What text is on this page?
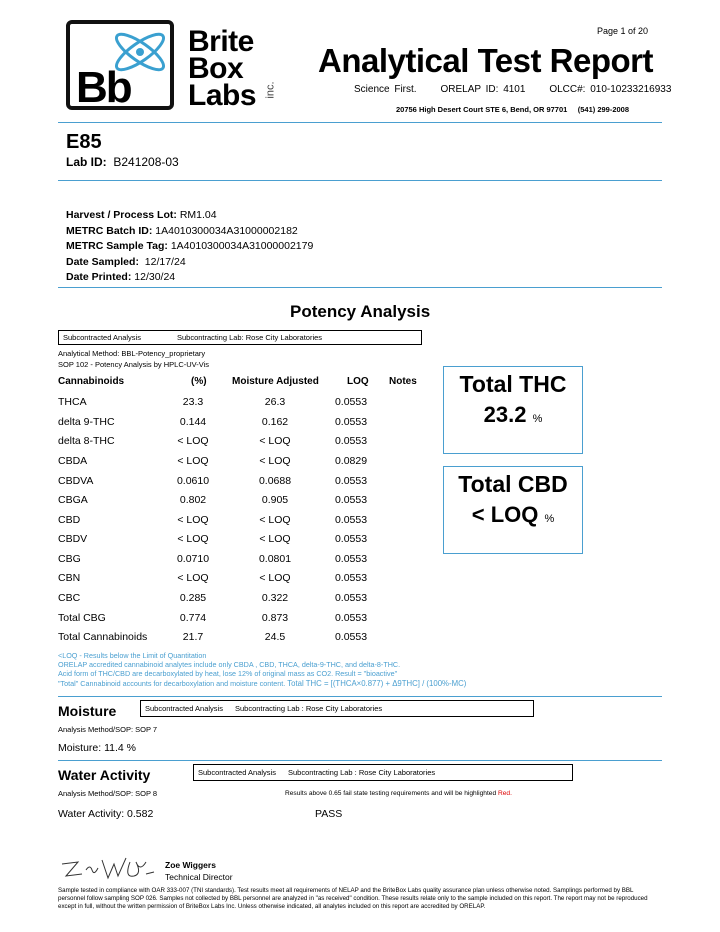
Page 1 of 20
Bb
Brite
Box
Labs inc.
Analytical Test Report
Science First.     ORELAP ID: 4101     OLCC#: 010-10233216933
20756 High Desert Court STE 6, Bend, OR 97701     (541) 299-2008
E85
Lab ID: B241208-03
Harvest / Process Lot: RM1.04
METRC Batch ID: 1A4010300034A31000002182
METRC Sample Tag: 1A4010300034A31000002179
Date Sampled: 12/17/24
Date Printed: 12/30/24
Potency Analysis
Subcontracted Analysis	Subcontracting Lab: Rose City Laboratories
Analytical Method: BBL-Potency_proprietary
SOP 102 - Potency Analysis by HPLC-UV-Vis
Cannabinoids	(%)	Moisture Adjusted	LOQ Notes
THCA	23.3	26.3	0.0553
delta 9-THC	0.144	0.162	0.0553
delta 8-THC	< LOQ	< LOQ	0.0553
CBDA	< LOQ	< LOQ	0.0829
CBDVA	0.0610	0.0688	0.0553
CBGA	0.802	0.905	0.0553
CBD	< LOQ	< LOQ	0.0553
CBDV	< LOQ	< LOQ	0.0553
CBG	0.0710	0.0801	0.0553
CBN	< LOQ	< LOQ	0.0553
CBC	0.285	0.322	0.0553
Total CBG	0.774	0.873	0.0553
Total Cannabinoids	21.7	24.5	0.0553
Total THC
23.2 %
Total CBD
< LOQ %
<LOQ - Results below the Limit of Quantitation
ORELAP accredited cannabinoid analytes include only CBDA , CBD, THCA, delta-9-THC, and delta-8-THC.
Acid form of THC/CBD are decarboxylated by heat, lose 12% of original mass as CO2. Result = "bioactive"
"Total" Cannabinoid accounts for decarboxylation and moisture content. Total THC = [(THCA×0.877) + Δ9THC] / (100%-MC)
Moisture	Subcontracted Analysis Subcontracting Lab : Rose City Laboratories
Analysis Method/SOP: SOP 7
Moisture: 11.4 %
Water Activity	Subcontracted Analysis Subcontracting Lab : Rose City Laboratories
Analysis Method/SOP: SOP 8	Results above 0.65 fail state testing requirements and will be highlighted Red.
Water Activity: 0.582	PASS
Zoe Wiggers
Technical Director
Sample tested in compliance with OAR 333-007 (TNI standards). Test results meet all requirements of NELAP and the BriteBox Labs quality assurance plan unless otherwise noted. Samplings performed by BBL personnel follow sampling SOP 026. Samples not collected by BBL personnel are analyzed in "as received" condition. These results relate only to the sample included on this report. The report may not be reproduced except in full, without the written permission of BriteBox Labs Inc. Unless otherwise indicated, all analytes included on this report are accredited by ORELAP.
